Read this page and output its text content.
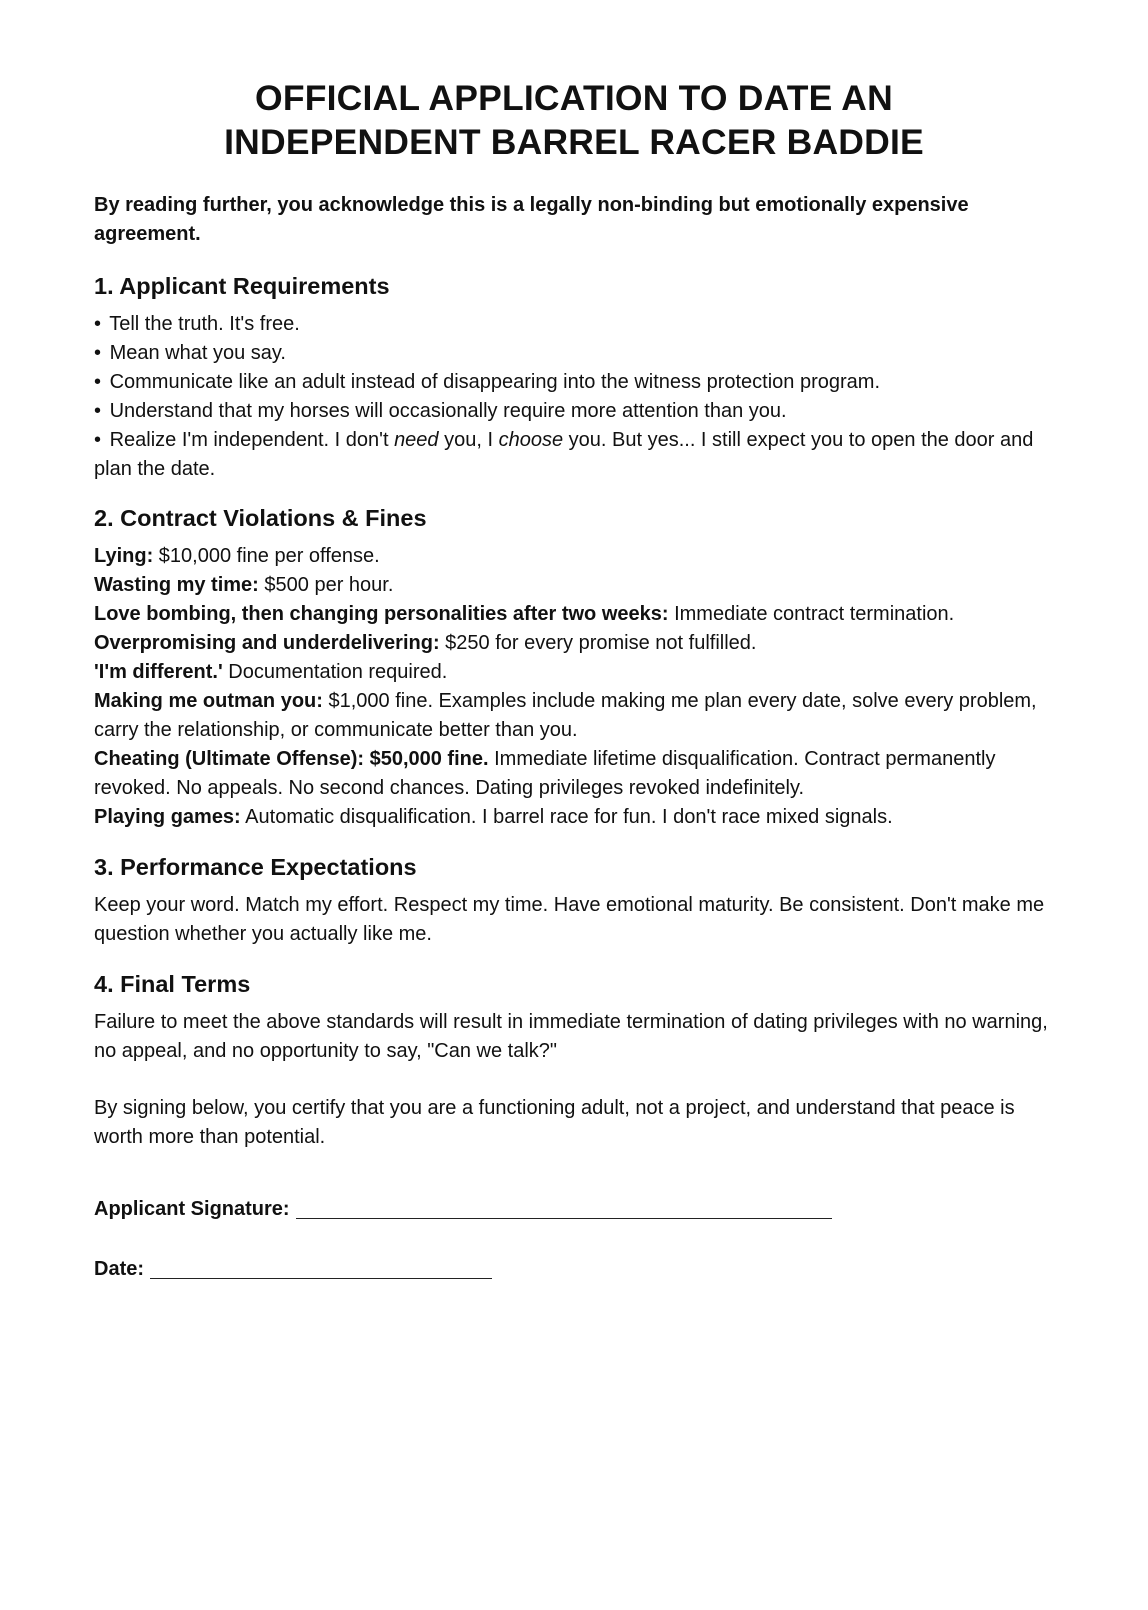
OFFICIAL APPLICATION TO DATE AN
INDEPENDENT BARREL RACER BADDIE

By reading further, you acknowledge this is a legally non-binding but emotionally expensive agreement.

1. Applicant Requirements
• Tell the truth. It's free.
• Mean what you say.
• Communicate like an adult instead of disappearing into the witness protection program.
• Understand that my horses will occasionally require more attention than you.
• Realize I'm independent. I don't need you, I choose you. But yes... I still expect you to open the door and plan the date.
2. Contract Violations & Fines
Lying: $10,000 fine per offense.
Wasting my time: $500 per hour.
Love bombing, then changing personalities after two weeks: Immediate contract termination.
Overpromising and underdelivering: $250 for every promise not fulfilled.
'I'm different.' Documentation required.
Making me outman you: $1,000 fine. Examples include making me plan every date, solve every problem, carry the relationship, or communicate better than you.
Cheating (Ultimate Offense): $50,000 fine. Immediate lifetime disqualification. Contract permanently revoked. No appeals. No second chances. Dating privileges revoked indefinitely.
Playing games: Automatic disqualification. I barrel race for fun. I don't race mixed signals.
3. Performance Expectations

Keep your word. Match my effort. Respect my time. Have emotional maturity. Be consistent. Don't make me question whether you actually like me.

4. Final Terms

Failure to meet the above standards will result in immediate termination of dating privileges with no warning, no appeal, and no opportunity to say, "Can we talk?"

By signing below, you certify that you are a functioning adult, not a project, and understand that peace is worth more than potential.

Applicant Signature:
Date:
